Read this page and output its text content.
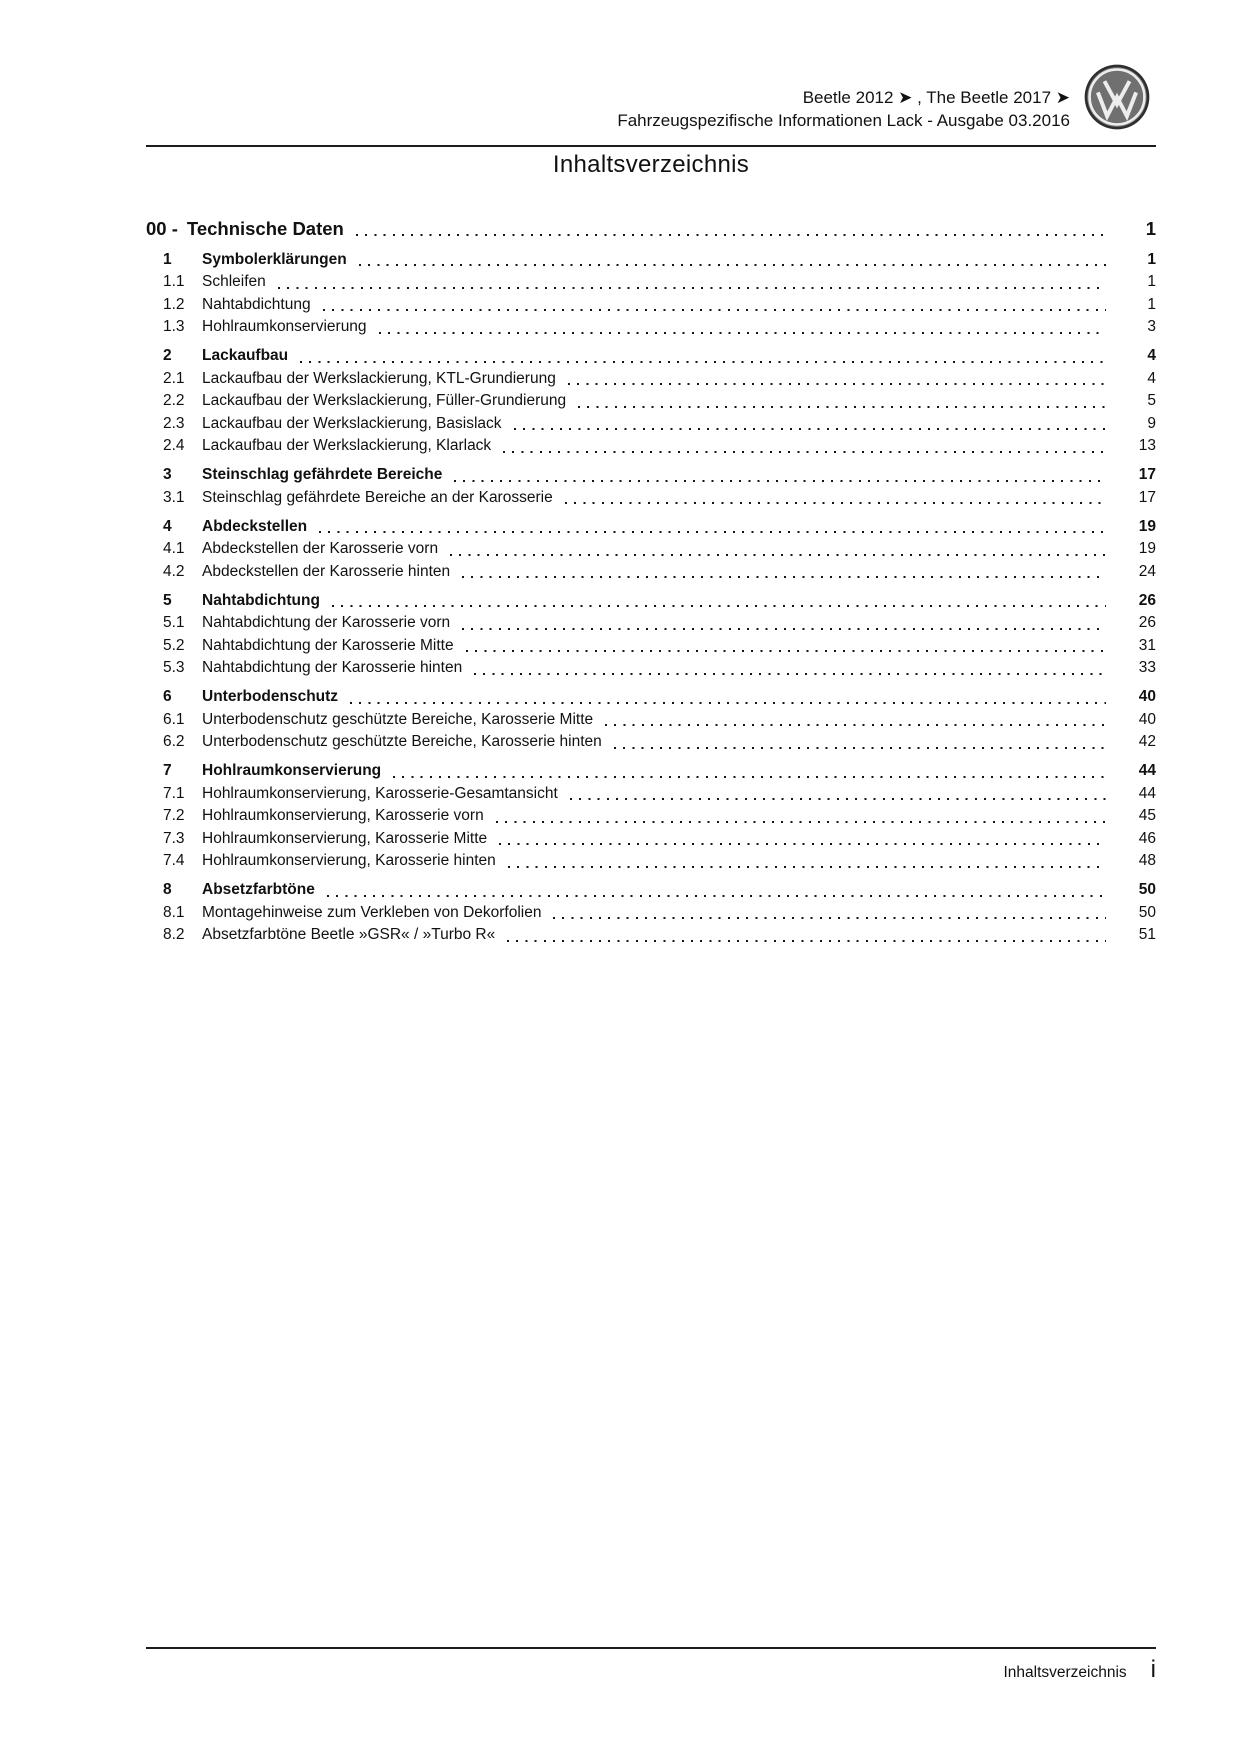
Beetle 2012 ➤ , The Beetle 2017 ➤
Fahrzeugspezifische Informationen Lack - Ausgabe 03.2016
Inhaltsverzeichnis
00 - Technische Daten	1
1	Symbolerklärungen	1
1.1	Schleifen	1
1.2	Nahtabdichtung	1
1.3	Hohlraumkonservierung	3
2	Lackaufbau	4
2.1	Lackaufbau der Werkslackierung, KTL-Grundierung	4
2.2	Lackaufbau der Werkslackierung, Füller-Grundierung	5
2.3	Lackaufbau der Werkslackierung, Basislack	9
2.4	Lackaufbau der Werkslackierung, Klarlack	13
3	Steinschlag gefährdete Bereiche	17
3.1	Steinschlag gefährdete Bereiche an der Karosserie	17
4	Abdeckstellen	19
4.1	Abdeckstellen der Karosserie vorn	19
4.2	Abdeckstellen der Karosserie hinten	24
5	Nahtabdichtung	26
5.1	Nahtabdichtung der Karosserie vorn	26
5.2	Nahtabdichtung der Karosserie Mitte	31
5.3	Nahtabdichtung der Karosserie hinten	33
6	Unterbodenschutz	40
6.1	Unterbodenschutz geschützte Bereiche, Karosserie Mitte	40
6.2	Unterbodenschutz geschützte Bereiche, Karosserie hinten	42
7	Hohlraumkonservierung	44
7.1	Hohlraumkonservierung, Karosserie-Gesamtansicht	44
7.2	Hohlraumkonservierung, Karosserie vorn	45
7.3	Hohlraumkonservierung, Karosserie Mitte	46
7.4	Hohlraumkonservierung, Karosserie hinten	48
8	Absetzfarbtöne	50
8.1	Montagehinweise zum Verkleben von Dekorfolien	50
8.2	Absetzfarbtöne Beetle »GSR« / »Turbo R«	51
Inhaltsverzeichnis i
